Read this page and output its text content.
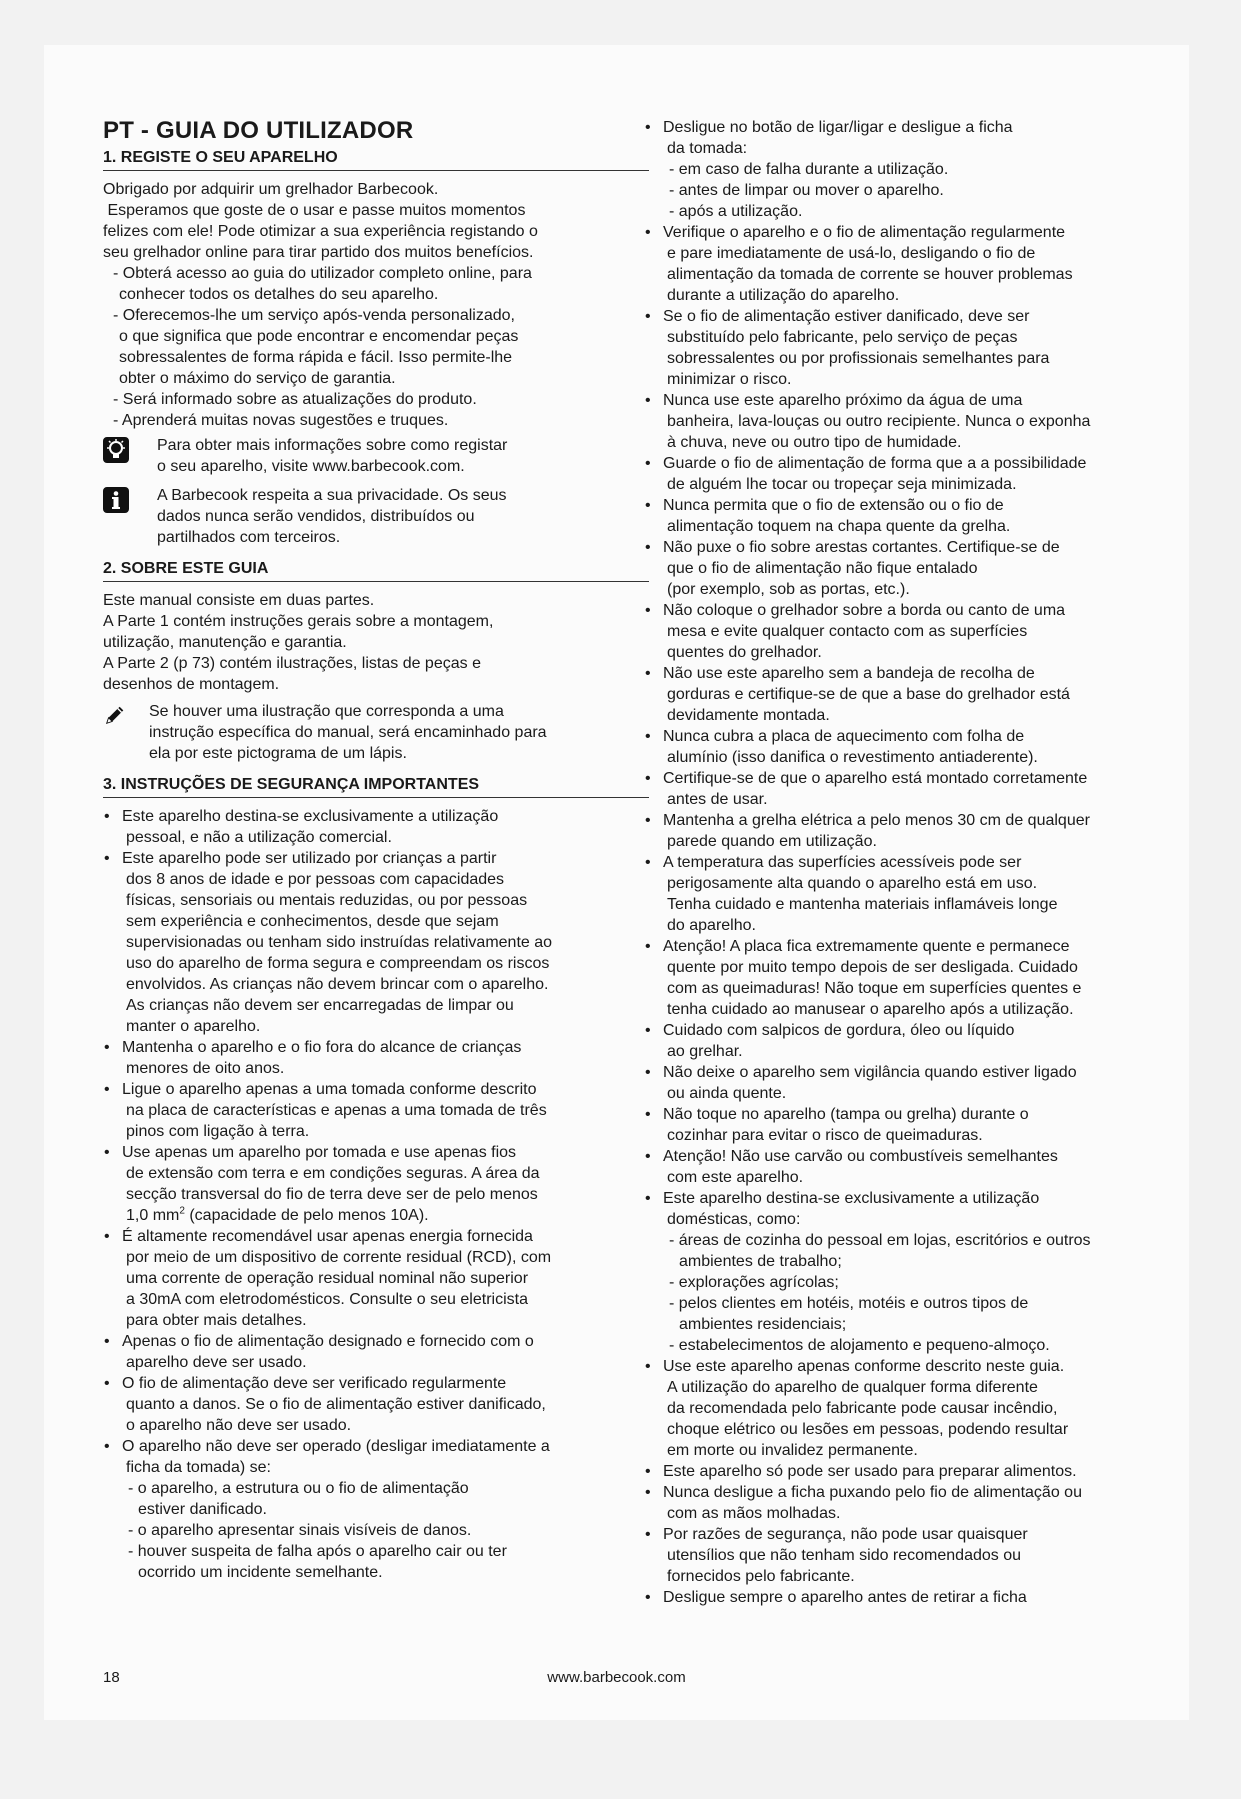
PT - GUIA DO UTILIZADOR
1. REGISTE O SEU APARELHO

Obrigado por adquirir um grelhador Barbecook.

Esperamos que goste de o usar e passe muitos momentos

felizes com ele! Pode otimizar a sua experiência registando o

seu grelhador online para tirar partido dos muitos benefícios.

- Obterá acesso ao guia do utilizador completo online, para

conhecer todos os detalhes do seu aparelho.

- Oferecemos-lhe um serviço após-venda personalizado,

o que significa que pode encontrar e encomendar peças

sobressalentes de forma rápida e fácil. Isso permite-lhe

obter o máximo do serviço de garantia.

- Será informado sobre as atualizações do produto.

- Aprenderá muitas novas sugestões e truques.

Para obter mais informações sobre como registar

o seu aparelho, visite www.barbecook.com.

A Barbecook respeita a sua privacidade. Os seus

dados nunca serão vendidos, distribuídos ou

partilhados com terceiros.

2. SOBRE ESTE GUIA

Este manual consiste em duas partes.

A Parte 1 contém instruções gerais sobre a montagem,

utilização, manutenção e garantia.

A Parte 2 (p 73) contém ilustrações, listas de peças e

desenhos de montagem.

Se houver uma ilustração que corresponda a uma

instrução específica do manual, será encaminhado para

ela por este pictograma de um lápis.

3. INSTRUÇÕES DE SEGURANÇA IMPORTANTES
• Este aparelho destina-se exclusivamente a utilização
pessoal, e não a utilização comercial.
• Este aparelho pode ser utilizado por crianças a partir
dos 8 anos de idade e por pessoas com capacidades
físicas, sensoriais ou mentais reduzidas, ou por pessoas
sem experiência e conhecimentos, desde que sejam
supervisionadas ou tenham sido instruídas relativamente ao
uso do aparelho de forma segura e compreendam os riscos
envolvidos. As crianças não devem brincar com o aparelho.
As crianças não devem ser encarregadas de limpar ou
manter o aparelho.
• Mantenha o aparelho e o fio fora do alcance de crianças
menores de oito anos.
• Ligue o aparelho apenas a uma tomada conforme descrito
na placa de características e apenas a uma tomada de três
pinos com ligação à terra.
• Use apenas um aparelho por tomada e use apenas fios
de extensão com terra e em condições seguras. A área da
secção transversal do fio de terra deve ser de pelo menos
1,0 $mm^2$ (capacidade de pelo menos 10A).
• É altamente recomendável usar apenas energia fornecida
por meio de um dispositivo de corrente residual (RCD), com
uma corrente de operação residual nominal não superior
a 30mA com eletrodomésticos. Consulte o seu eletricista
para obter mais detalhes.
• Apenas o fio de alimentação designado e fornecido com o
aparelho deve ser usado.
• O fio de alimentação deve ser verificado regularmente
quanto a danos. Se o fio de alimentação estiver danificado,
o aparelho não deve ser usado.
• O aparelho não deve ser operado (desligar imediatamente a
ficha da tomada) se:
- o aparelho, a estrutura ou o fio de alimentação
estiver danificado.
- o aparelho apresentar sinais visíveis de danos.
- houver suspeita de falha após o aparelho cair ou ter
ocorrido um incidente semelhante.
• Desligue no botão de ligar/ligar e desligue a ficha
da tomada:
- em caso de falha durante a utilização.
- antes de limpar ou mover o aparelho.
- após a utilização.
• Verifique o aparelho e o fio de alimentação regularmente
e pare imediatamente de usá-lo, desligando o fio de
alimentação da tomada de corrente se houver problemas
durante a utilização do aparelho.
• Se o fio de alimentação estiver danificado, deve ser
substituído pelo fabricante, pelo serviço de peças
sobressalentes ou por profissionais semelhantes para
minimizar o risco.
• Nunca use este aparelho próximo da água de uma
banheira, lava-louças ou outro recipiente. Nunca o exponha
à chuva, neve ou outro tipo de humidade.
• Guarde o fio de alimentação de forma que a a possibilidade
de alguém lhe tocar ou tropeçar seja minimizada.
• Nunca permita que o fio de extensão ou o fio de
alimentação toquem na chapa quente da grelha.
• Não puxe o fio sobre arestas cortantes. Certifique-se de
que o fio de alimentação não fique entalado
(por exemplo, sob as portas, etc.).
• Não coloque o grelhador sobre a borda ou canto de uma
mesa e evite qualquer contacto com as superfícies
quentes do grelhador.
• Não use este aparelho sem a bandeja de recolha de
gorduras e certifique-se de que a base do grelhador está
devidamente montada.
• Nunca cubra a placa de aquecimento com folha de
alumínio (isso danifica o revestimento antiaderente).
• Certifique-se de que o aparelho está montado corretamente
antes de usar.
• Mantenha a grelha elétrica a pelo menos 30 cm de qualquer
parede quando em utilização.
• A temperatura das superfícies acessíveis pode ser
perigosamente alta quando o aparelho está em uso.
Tenha cuidado e mantenha materiais inflamáveis longe
do aparelho.
• Atenção! A placa fica extremamente quente e permanece
quente por muito tempo depois de ser desligada. Cuidado
com as queimaduras! Não toque em superfícies quentes e
tenha cuidado ao manusear o aparelho após a utilização.
• Cuidado com salpicos de gordura, óleo ou líquido
ao grelhar.
• Não deixe o aparelho sem vigilância quando estiver ligado
ou ainda quente.
• Não toque no aparelho (tampa ou grelha) durante o
cozinhar para evitar o risco de queimaduras.
• Atenção! Não use carvão ou combustíveis semelhantes
com este aparelho.
• Este aparelho destina-se exclusivamente a utilização
domésticas, como:
- áreas de cozinha do pessoal em lojas, escritórios e outros
ambientes de trabalho;
- explorações agrícolas;
- pelos clientes em hotéis, motéis e outros tipos de
ambientes residenciais;
- estabelecimentos de alojamento e pequeno-almoço.
• Use este aparelho apenas conforme descrito neste guia.
A utilização do aparelho de qualquer forma diferente
da recomendada pelo fabricante pode causar incêndio,
choque elétrico ou lesões em pessoas, podendo resultar
em morte ou invalidez permanente.
• Este aparelho só pode ser usado para preparar alimentos.
• Nunca desligue a ficha puxando pelo fio de alimentação ou
com as mãos molhadas.
• Por razões de segurança, não pode usar quaisquer
utensílios que não tenham sido recomendados ou
fornecidos pelo fabricante.
• Desligue sempre o aparelho antes de retirar a ficha
18	www.barbecook.com
